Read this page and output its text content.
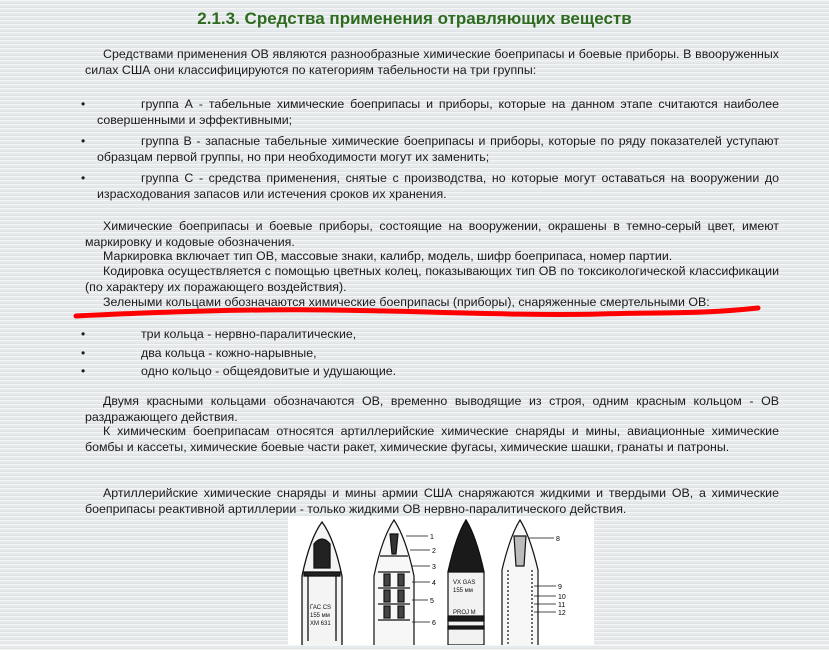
2.1.3. Средства применения отравляющих веществ

Средствами применения ОВ являются разнообразные химические боеприпасы и боевые приборы. В ввооруженных силах США они классифицируются по категориям табельности на три группы:

•	группа А - табельные химические боеприпасы и приборы, которые на данном этапе считаются наиболее совершенными и эффективными;
•	группа В - запасные табельные химические боеприпасы и приборы, которые по ряду показателей уступают образцам первой группы, но при необходимости могут их заменить;
•	группа С - средства применения, снятые с производства, но которые могут оставаться на вооружении до израсходования запасов или истечения сроков их хранения.

Химические боеприпасы и боевые приборы, состоящие на вооружении, окрашены в темно-серый цвет, имеют маркировку и кодовые обозначения.

Маркировка включает тип ОВ, массовые знаки, калибр, модель, шифр боеприпаса, номер партии.

Кодировка осуществляется с помощью цветных колец, показывающих тип ОВ по токсикологической классификации (по характеру их поражающего воздействия).

Зелеными кольцами обозначаются химические боеприпасы (приборы), снаряженные смертельными ОВ:

•	три кольца - нервно-паралитические,
•	два кольца - кожно-нарывные,
•	одно кольцо - общеядовитые и удушающие.

Двумя красными кольцами обозначаются ОВ, временно выводящие из строя, одним красным кольцом - ОВ раздражающего действия.

К химическим боеприпасам относятся артиллерийские химические снаряды и мины, авиационные химические бомбы и кассеты, химические боевые части ракет, химические фугасы, химические шашки, гранаты и патроны.

Артиллерийские химические снаряды и мины армии США снаряжаются жидкими и твердыми ОВ, а химические боеприпасы реактивной артиллерии - только жидкими ОВ нервно-паралитического действия.

ГАС CS
155 мм
ХМ 631
1
2
3
4
5
6
VX GAS
155 мм
PROJ M
8
9
10
11
12
